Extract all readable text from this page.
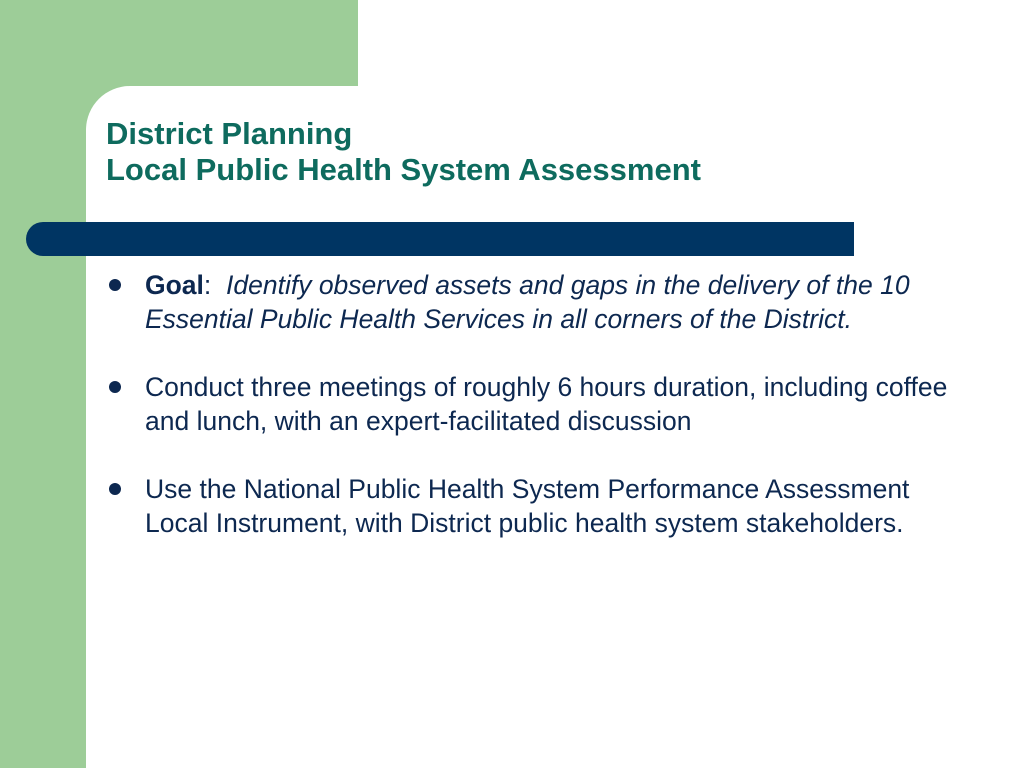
District Planning
Local Public Health System Assessment
Goal: Identify observed assets and gaps in the delivery of the 10 Essential Public Health Services in all corners of the District.
Conduct three meetings of roughly 6 hours duration, including coffee and lunch, with an expert-facilitated discussion
Use the National Public Health System Performance Assessment Local Instrument, with District public health system stakeholders.
